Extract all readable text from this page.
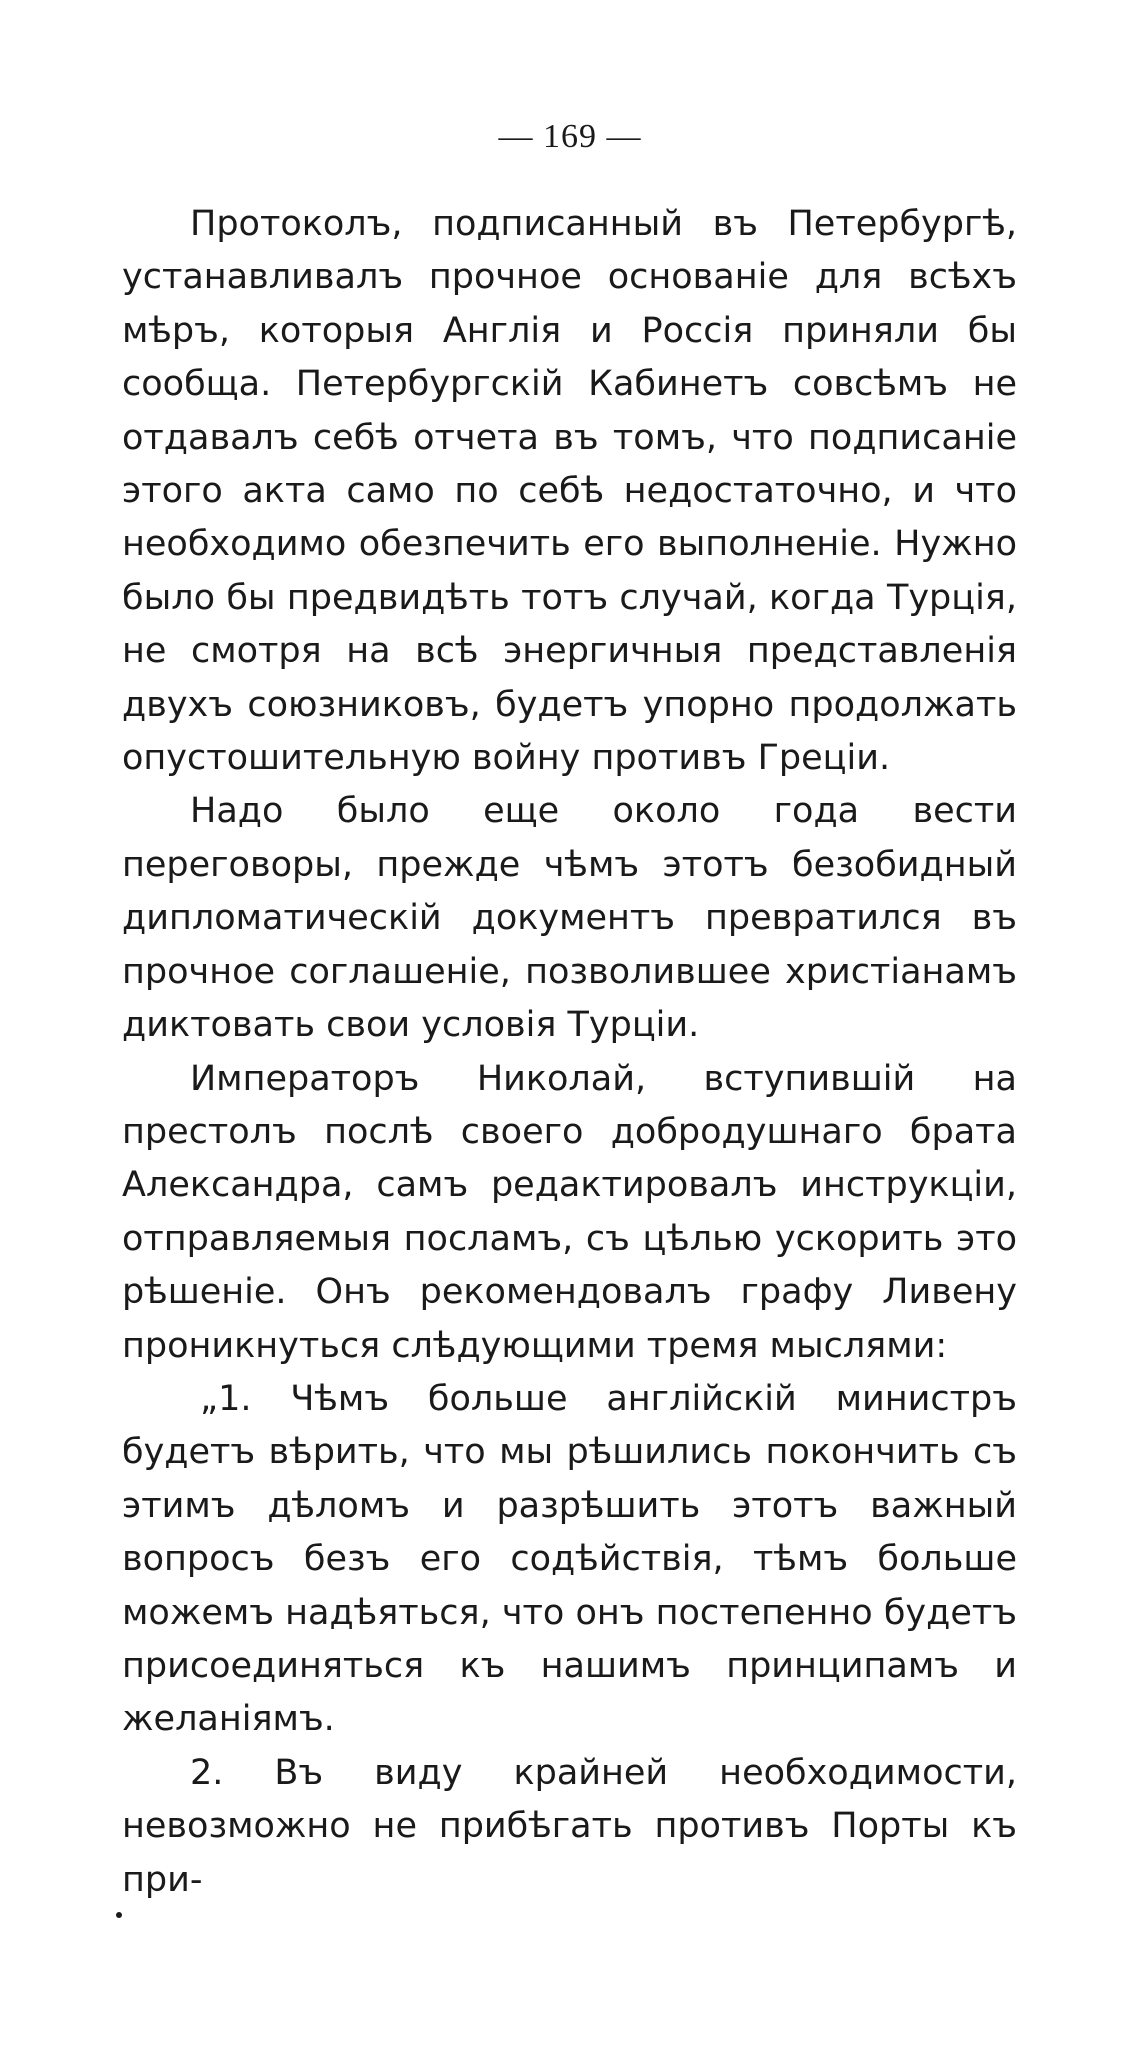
— 169 —

Протоколъ, подписанный въ Петербургѣ, устанавливалъ прочное основаніе для всѣхъ мѣръ, которыя Англія и Россія приняли бы сообща. Петербургскій Кабинетъ совсѣмъ не отдавалъ себѣ отчета въ томъ, что подписаніе этого акта само по себѣ недостаточно, и что необходимо обезпечить его выполненіе. Нужно было бы предвидѣть тотъ случай, когда Турція, не смотря на всѣ энергичныя представленія двухъ союзниковъ, будетъ упорно продолжать опустошительную войну противъ Греціи.

Надо было еще около года вести переговоры, прежде чѣмъ этотъ безобидный дипломатическій документъ превратился въ прочное соглашеніе, позволившее христіанамъ диктовать свои условія Турціи.

Императоръ Николай, вступившій на престолъ послѣ своего добродушнаго брата Александра, самъ редактировалъ инструкціи, отправляемыя посламъ, съ цѣлью ускорить это рѣшеніе. Онъ рекомендовалъ графу Ливену проникнуться слѣдующими тремя мыслями:

„1. Чѣмъ больше англійскій министръ будетъ вѣрить, что мы рѣшились покончить съ этимъ дѣломъ и разрѣшить этотъ важный вопросъ безъ его содѣйствія, тѣмъ больше можемъ надѣяться, что онъ постепенно будетъ присоединяться къ нашимъ принципамъ и желаніямъ.

2. Въ виду крайней необходимости, невозможно не прибѣгать противъ Порты къ при-
